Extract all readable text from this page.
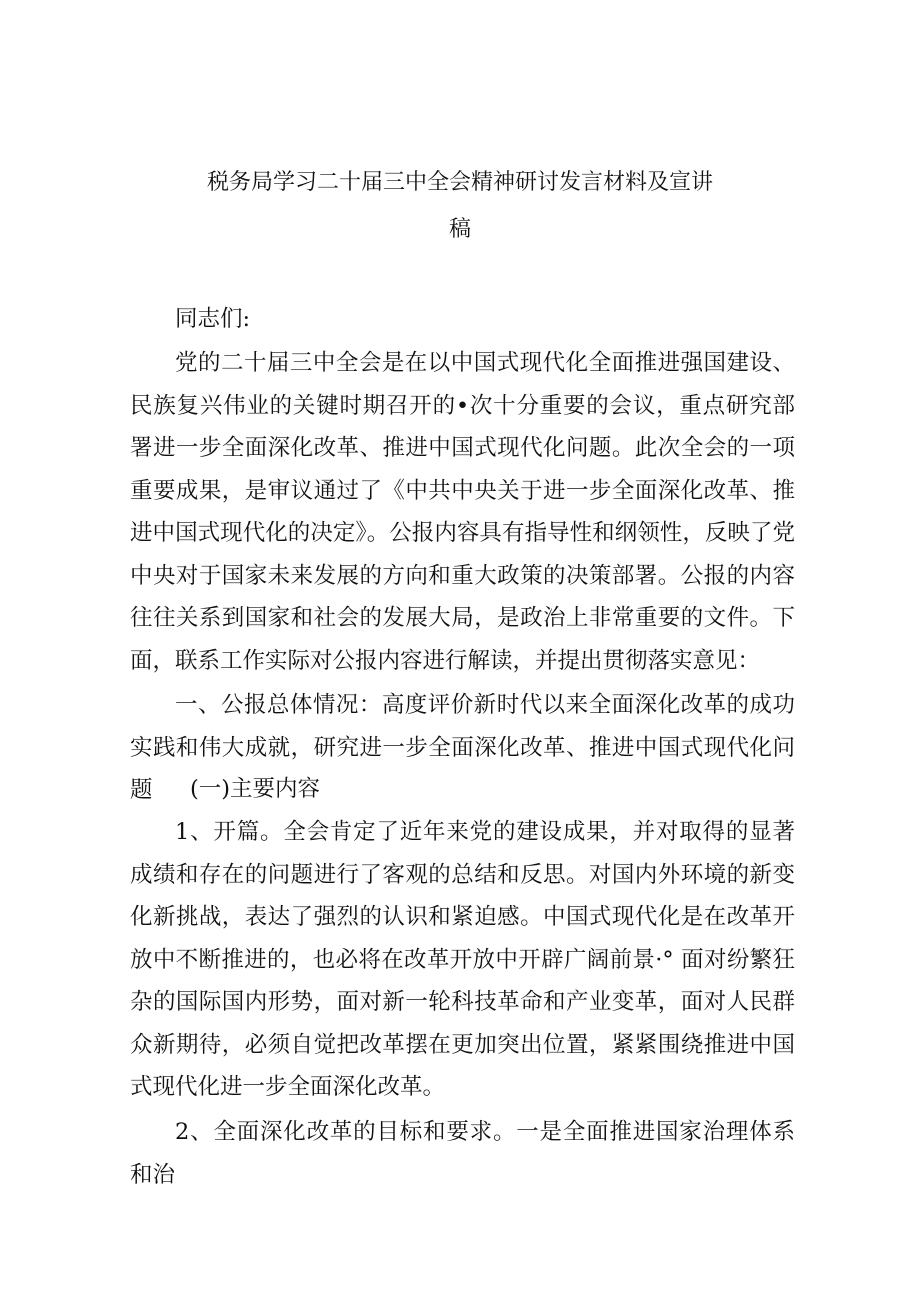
税务局学习二十届三中全会精神研讨发言材料及宣讲
稿
同志们:
党的二十届三中全会是在以中国式现代化全面推进强国建设、民族复兴伟业的关键时期召开的•次十分重要的会议，重点研究部署进一步全面深化改革、推进中国式现代化问题。此次全会的一项重要成果，是审议通过了《中共中央关于进一步全面深化改革、推进中国式现代化的决定》。公报内容具有指导性和纲领性，反映了党中央对于国家未来发展的方向和重大政策的决策部署。公报的内容往往关系到国家和社会的发展大局，是政治上非常重要的文件。下面，联系工作实际对公报内容进行解读，并提出贯彻落实意见：
一、公报总体情况：高度评价新时代以来全面深化改革的成功实践和伟大成就，研究进一步全面深化改革、推进中国式现代化问题	(一)主要内容
1、开篇。全会肯定了近年来党的建设成果，并对取得的显著成绩和存在的问题进行了客观的总结和反思。对国内外环境的新变化新挑战，表达了强烈的认识和紧迫感。中国式现代化是在改革开放中不断推进的，也必将在改革开放中开辟广阔前景·° 面对纷繁狂杂的国际国内形势，面对新一轮科技革命和产业变革，面对人民群众新期待，必须自觉把改革摆在更加突出位置，紧紧围绕推进中国式现代化进一步全面深化改革。
2、全面深化改革的目标和要求。一是全面推进国家治理体系和治
